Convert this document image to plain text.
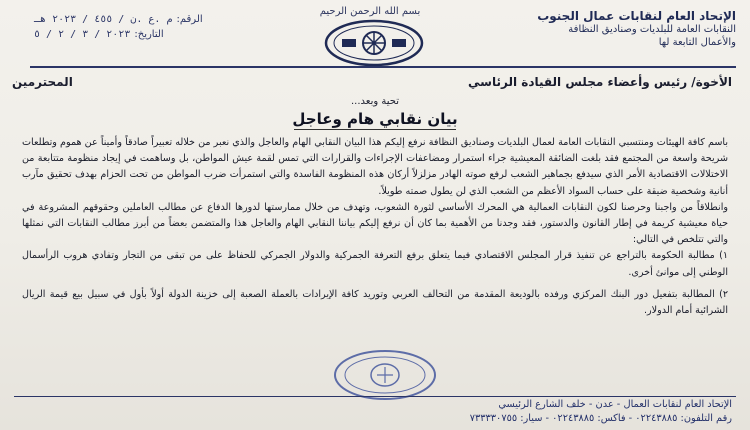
بسم الله الرحمن الرحيم	الإتحاد العام لنقابات عمال الجنوب
النقابات العامة للبلديات وصناديق النظافة
والأعمال التابعة لها
الرقم:
م .ع .ن / ٤٥٥ / ٢٠٢٣ هـ
التاريخ:
٢٠٢٣ / ٣ / ٢ / ٥
الأخوة/ رئيس وأعضاء مجلس القيادة الرئاسي
المحترمين
تحية وبعد...
بيان نقابي هام وعاجل

باسم كافة الهيئات ومنتسبي النقابات العامة لعمال البلديات وصناديق النظافة نرفع إليكم هذا البيان النقابي الهام والعاجل والذي نعبر من خلاله تعبيراً صادقاً وأميناً عن هموم وتطلعات شريحة واسعة من المجتمع فقد بلغت الضائقة المعيشية جراء استمرار ومضاعفات الإجراءات والقرارات التي تمس لقمة عيش المواطن، بل وساهمت في إيجاد منظومة متتابعة من الاختلالات الاقتصادية الأمر الذي سيدفع بجماهير الشعب لرفع صوته الهادر مزلزلاً أركان هذه المنظومة الفاسدة والتي استمرأت ضرب المواطن من تحت الحزام بهدف تحقيق مآرب أنانية وشخصية ضيقة على حساب السواد الأعظم من الشعب الذي لن يطول صمته طويلاً.

وانطلاقاً من واجبنا وحرصنا لكون النقابات العمالية هي المحرك الأساسي لثورة الشعوب، وتهدف من خلال ممارستها لدورها الدفاع عن مطالب العاملين وحقوقهم المشروعة في حياة معيشية كريمة في إطار القانون والدستور، فقد وجدنا من الأهمية بما كان أن نرفع إليكم بياننا النقابي الهام والعاجل هذا والمتضمن بعضاً من أبرز مطالب النقابات التي نمثلها والتي تتلخص في التالي:

١) مطالبة الحكومة بالتراجع عن تنفيذ قرار المجلس الاقتصادي فيما يتعلق برفع التعرفة الجمركية والدولار الجمركي للحفاظ على من تبقى من التجار وتفادي هروب الرأسمال الوطني إلى موانئ أخرى.

٢) المطالبة بتفعيل دور البنك المركزي ورفده بالوديعة المقدمة من التحالف العربي وتوريد كافة الإيرادات بالعملة الصعبة إلى خزينة الدولة أولاً بأول في سبيل بيع قيمة الريال الشرائية أمام الدولار.

الإتحاد العام لنقابات العمال - عدن - خلف الشارع الرئيسي
رقم التلفون: ٠٢٢٤٣٨٨٥ - فاكس: ٠٢٢٤٣٨٨٥ - سيار: ٧٣٣٣٣٠٧٥٥
